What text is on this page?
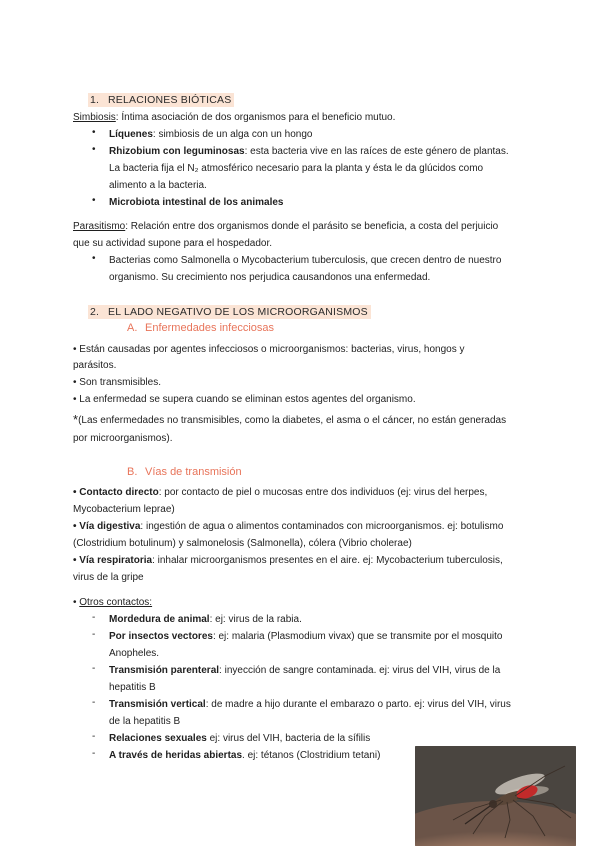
1. RELACIONES BIÓTICAS
Simbiosis: Íntima asociación de dos organismos para el beneficio mutuo.
• Líquenes: simbiosis de un alga con un hongo
• Rhizobium con leguminosas: esta bacteria vive en las raíces de este género de plantas.
La bacteria fija el N₂ atmosférico necesario para la planta y ésta le da glúcidos como
alimento a la bacteria.
• Microbiota intestinal de los animales
Parasitismo: Relación entre dos organismos donde el parásito se beneficia, a costa del perjuicio
que su actividad supone para el hospedador.
• Bacterias como Salmonella o Mycobacterium tuberculosis, que crecen dentro de nuestro
organismo. Su crecimiento nos perjudica causandonos una enfermedad.
2. EL LADO NEGATIVO DE LOS MICROORGANISMOS
A. Enfermedades infecciosas
• Están causadas por agentes infecciosos o microorganismos: bacterias, virus, hongos y
parásitos.
• Son transmisibles.
• La enfermedad se supera cuando se eliminan estos agentes del organismo.
*(Las enfermedades no transmisibles, como la diabetes, el asma o el cáncer, no están generadas
por microorganismos).
B. Vías de transmisión
• Contacto directo: por contacto de piel o mucosas entre dos individuos (ej: virus del herpes,
Mycobacterium leprae)
• Vía digestiva: ingestión de agua o alimentos contaminados con microorganismos. ej: botulismo
(Clostridium botulinum) y salmonelosis (Salmonella), cólera (Vibrio cholerae)
• Vía respiratoria: inhalar microorganismos presentes en el aire. ej: Mycobacterium tuberculosis,
virus de la gripe
• Otros contactos:
- Mordedura de animal: ej: virus de la rabia.
- Por insectos vectores: ej: malaria (Plasmodium vivax) que se transmite por el mosquito
Anopheles.
- Transmisión parenteral: inyección de sangre contaminada. ej: virus del VIH, virus de la
hepatitis B
- Transmisión vertical: de madre a hijo durante el embarazo o parto. ej: virus del VIH, virus
de la hepatitis B
- Relaciones sexuales ej: virus del VIH, bacteria de la sífilis
- A través de heridas abiertas. ej: tétanos (Clostridium tetani)
